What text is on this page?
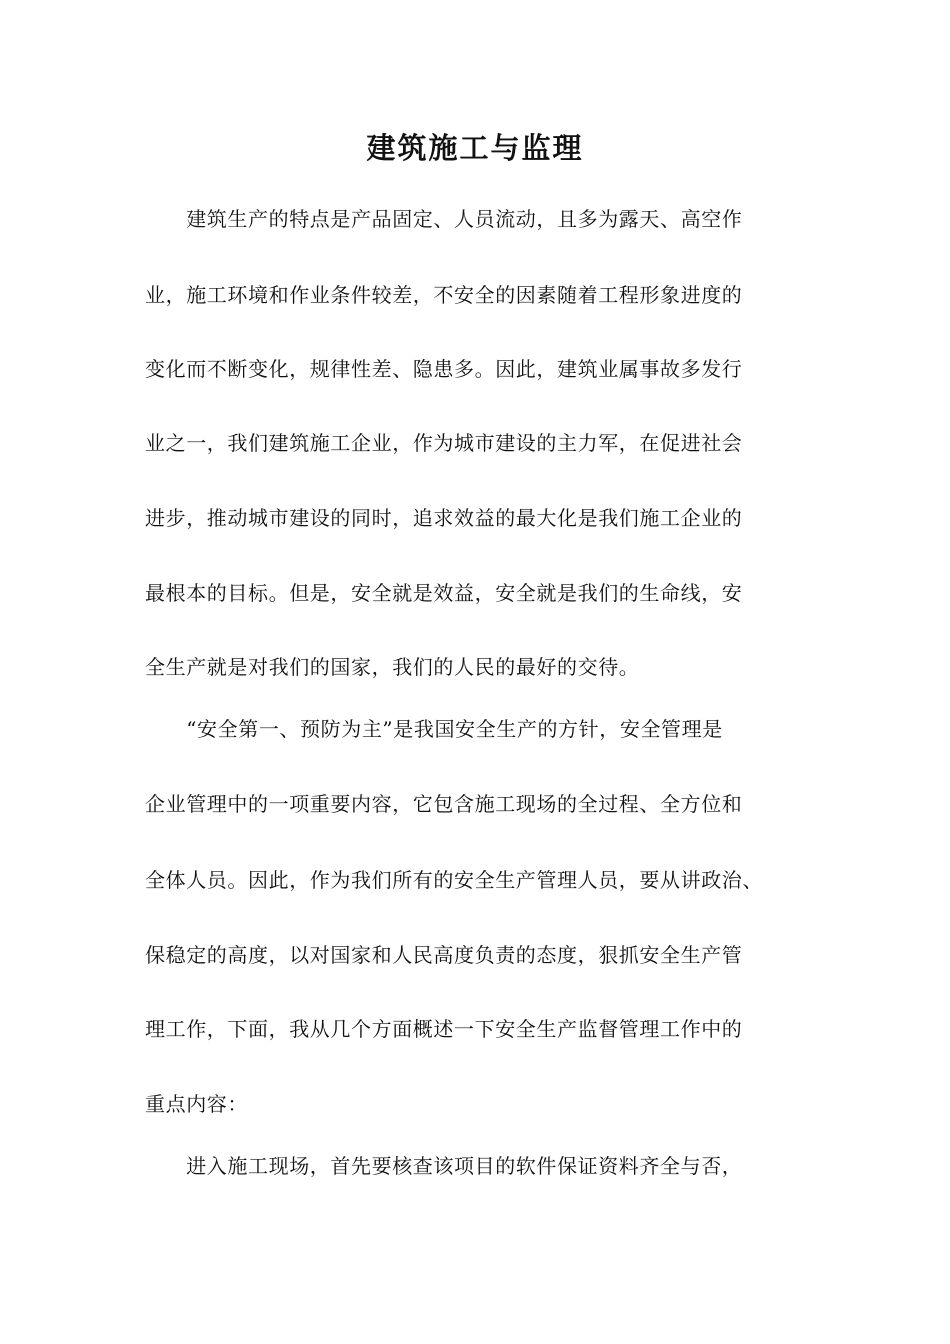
建筑施工与监理
　　建筑生产的特点是产品固定、人员流动，且多为露天、高空作
业，施工环境和作业条件较差，不安全的因素随着工程形象进度的
变化而不断变化，规律性差、隐患多。因此，建筑业属事故多发行
业之一，我们建筑施工企业，作为城市建设的主力军，在促进社会
进步，推动城市建设的同时，追求效益的最大化是我们施工企业的
最根本的目标。但是，安全就是效益，安全就是我们的生命线，安
全生产就是对我们的国家，我们的人民的最好的交待。
　　“安全第一、预防为主”是我国安全生产的方针，安全管理是
企业管理中的一项重要内容，它包含施工现场的全过程、全方位和
全体人员。因此，作为我们所有的安全生产管理人员，要从讲政治、
保稳定的高度，以对国家和人民高度负责的态度，狠抓安全生产管
理工作，下面，我从几个方面概述一下安全生产监督管理工作中的
重点内容：
　　进入施工现场，首先要核查该项目的软件保证资料齐全与否，
